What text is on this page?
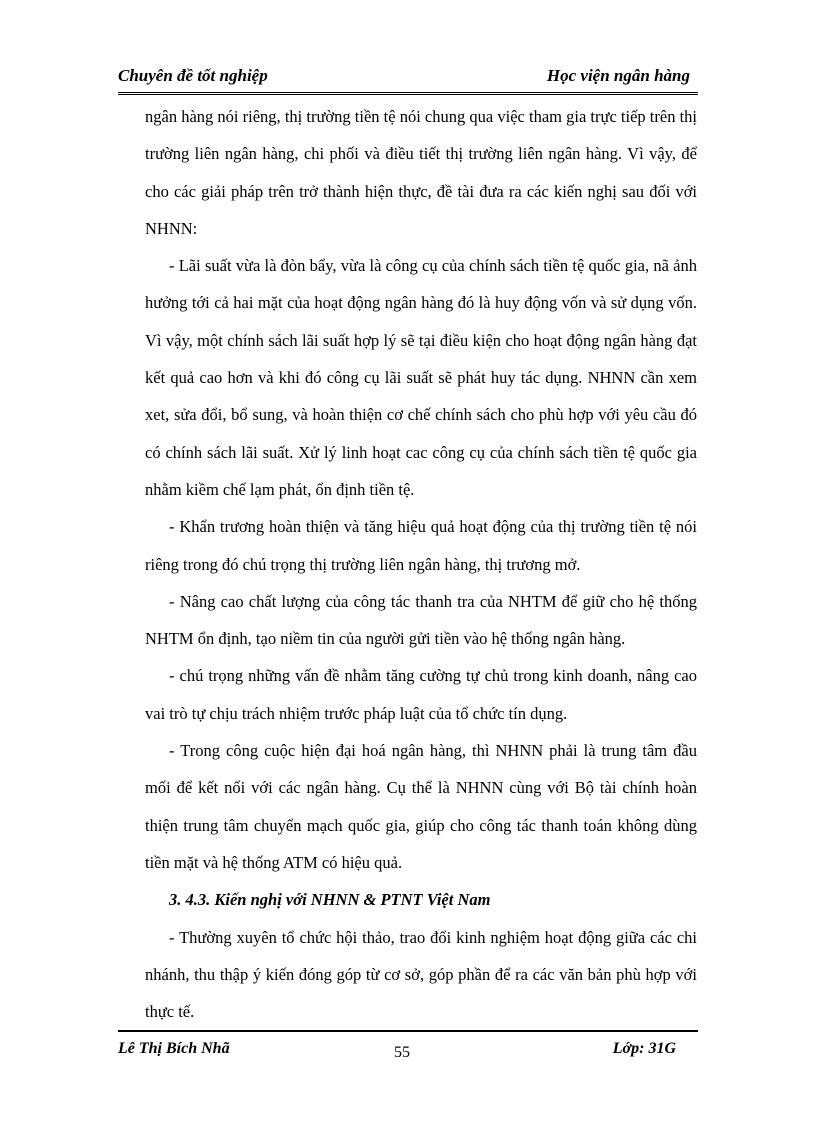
Chuyên đề tốt nghiệp	Học viện ngân hàng

ngân hàng nói riêng, thị trường tiền tệ nói chung qua việc tham gia trực tiếp trên thị trường liên ngân hàng, chi phối và điều tiết thị trường liên ngân hàng. Vì vậy, để cho các giải pháp trên trở thành hiện thực, đề tài đưa ra các kiến nghị sau đối với NHNN:

- Lãi suất vừa là đòn bẩy, vừa là công cụ của chính sách tiền tệ quốc gia, nã ảnh hưởng tới cả hai mặt của hoạt động ngân hàng đó là huy động vốn và sử dụng vốn. Vì vậy, một chính sách lãi suất hợp lý sẽ tại điều kiện cho hoạt động ngân hàng đạt kết quả cao hơn và khi đó công cụ lãi suất sẽ phát huy tác dụng. NHNN cần xem xet, sửa đổi, bổ sung, và hoàn thiện cơ chế chính sách cho phù hợp với yêu cầu đó có chính sách lãi suất. Xử lý linh hoạt cac công cụ của chính sách tiền tệ quốc gia nhằm kiềm chế lạm phát, ổn định tiền tệ.

- Khẩn trương hoàn thiện và tăng hiệu quả hoạt động của thị trường tiền tệ nói riêng trong đó chú trọng thị trường liên ngân hàng, thị trương mở.

- Nâng cao chất lượng của công tác thanh tra của NHTM để giữ cho hệ thống NHTM ổn định, tạo niềm tin của người gửi tiền vào hệ thống ngân hàng.

- chú trọng những vấn đề nhằm tăng cường tự chủ trong kinh doanh, nâng cao vai trò tự chịu trách nhiệm trước pháp luật của tổ chức tín dụng.

- Trong công cuộc hiện đại hoá ngân hàng, thì NHNN phải là trung tâm đầu mối để kết nối với các ngân hàng. Cụ thể là NHNN cùng với Bộ tài chính hoàn thiện trung tâm chuyển mạch quốc gia, giúp cho công tác thanh toán không dùng tiền mặt và hệ thống ATM có hiệu quả.

3. 4.3. Kiến nghị với NHNN & PTNT Việt Nam

- Thường xuyên tổ chức hội thảo, trao đổi kinh nghiệm hoạt động giữa các chi nhánh, thu thập ý kiến đóng góp từ cơ sở, góp phần để ra các văn bản phù hợp với thực tế.

Lê Thị Bích Nhã	55	Lớp: 31G
